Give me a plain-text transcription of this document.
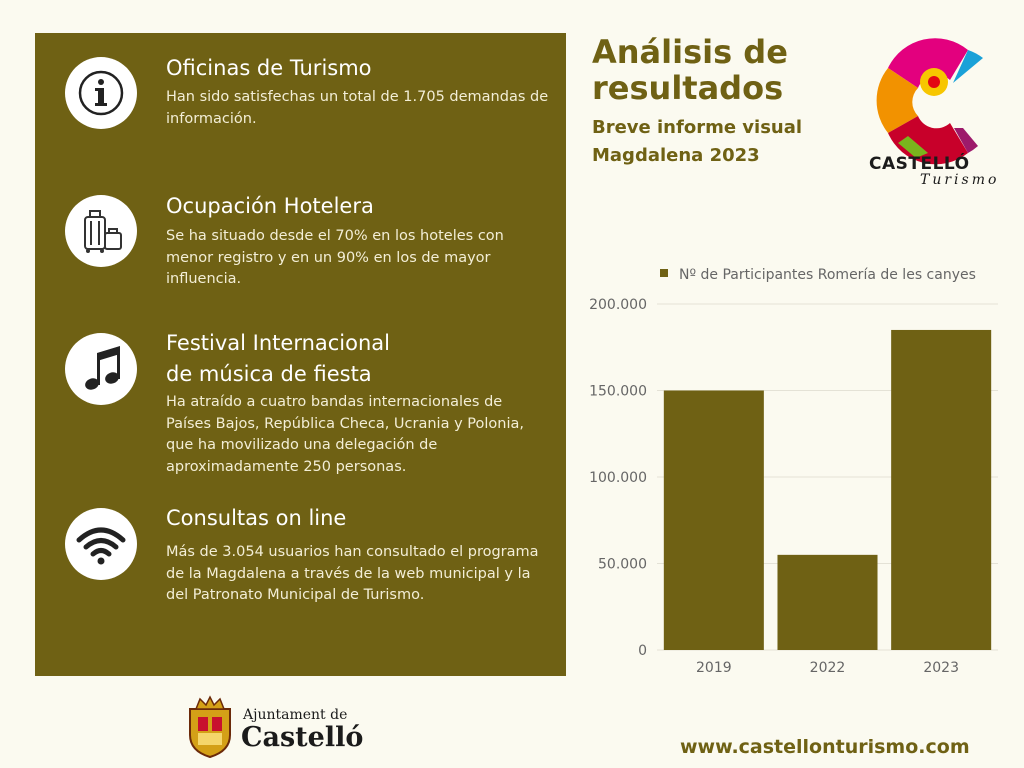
Oficinas de Turismo
Han sido satisfechas un total de 1.705 demandas de información.
Ocupación Hotelera
Se ha situado desde el 70% en los hoteles con menor registro y en un 90% en los de mayor influencia.
Festival Internacional
de música de fiesta
Ha atraído a cuatro bandas internacionales de Países Bajos, República Checa, Ucrania y Polonia, que ha movilizado una delegación de aproximadamente 250 personas.
Consultas on line
Más de 3.054 usuarios han consultado el programa de la Magdalena a través de la web municipal y la del Patronato Municipal de Turismo.
Análisis de resultados
Breve informe visual
Magdalena 2023	CASTELLÓ
Turismo
Nº de Participantes Romería de les canyes
0
50.000
100.000
150.000
200.000
2019	2022	2023
Ajuntament de
Castelló	www.castellonturismo.com
